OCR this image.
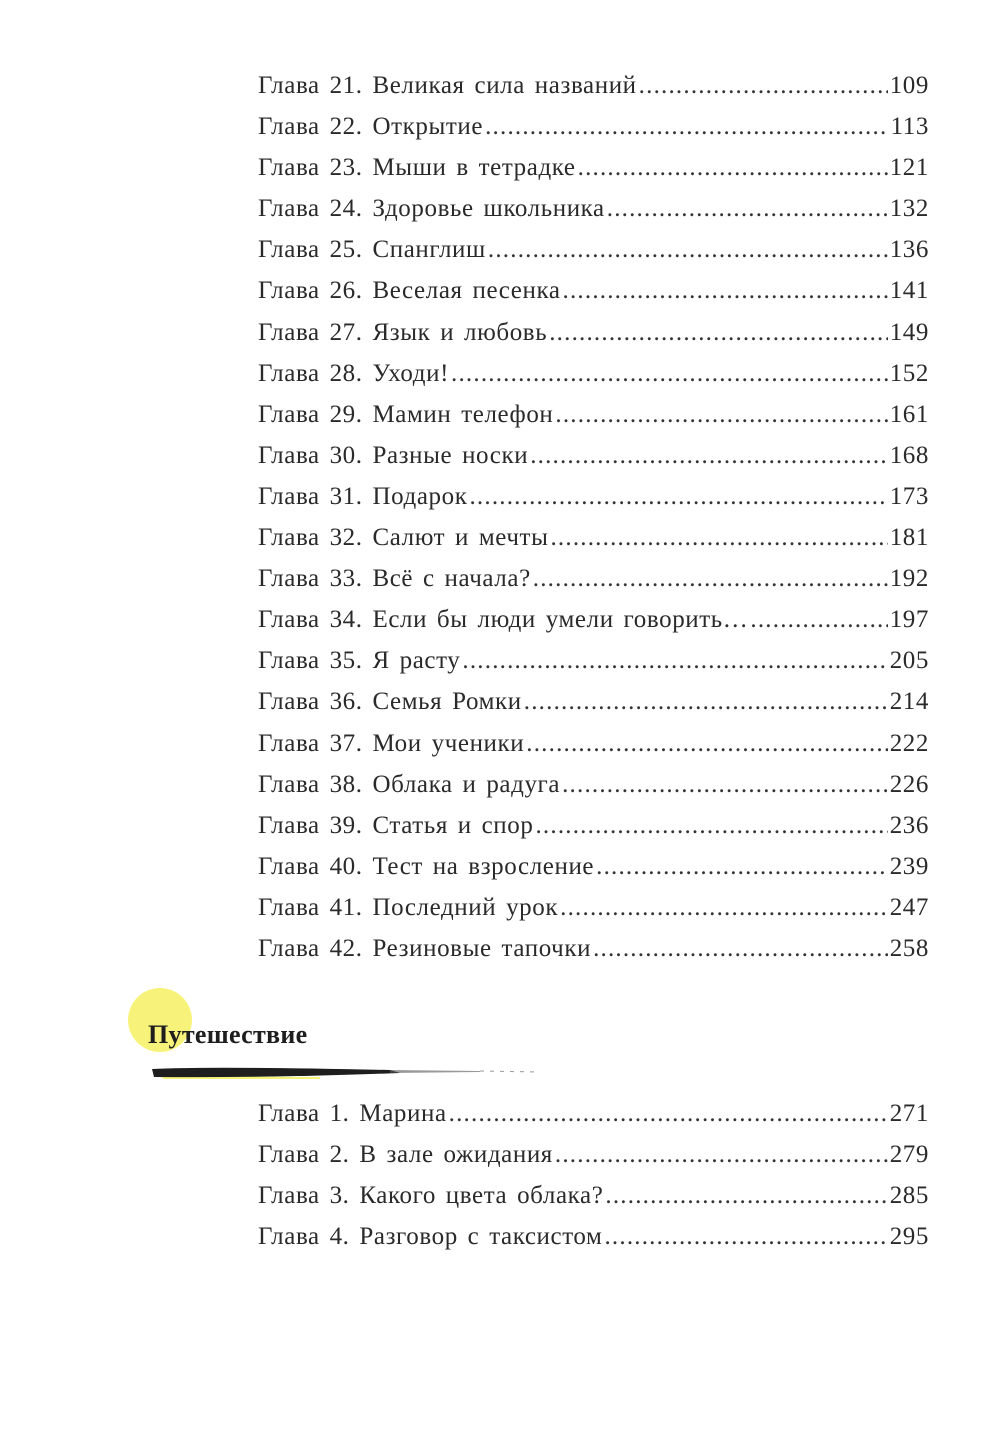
Глава 21. Великая сила названий .....	109
Глава 22. Открытие .....	113
Глава 23. Мыши в тетрадке .....	121
Глава 24. Здоровье школьника .....	132
Глава 25. Спанглиш .....	136
Глава 26. Веселая песенка .....	141
Глава 27. Язык и любовь .....	149
Глава 28. Уходи! .....	152
Глава 29. Мамин телефон .....	161
Глава 30. Разные носки .....	168
Глава 31. Подарок .....	173
Глава 32. Салют и мечты .....	181
Глава 33. Всё с начала? .....	192
Глава 34. Если бы люди умели говорить… .....	197
Глава 35. Я расту .....	205
Глава 36. Семья Ромки .....	214
Глава 37. Мои ученики .....	222
Глава 38. Облака и радуга .....	226
Глава 39. Статья и спор .....	236
Глава 40. Тест на взросление .....	239
Глава 41. Последний урок .....	247
Глава 42. Резиновые тапочки .....	258
Путешествие
Глава 1. Марина .....	271
Глава 2. В зале ожидания .....	279
Глава 3. Какого цвета облака? .....	285
Глава 4. Разговор с таксистом .....	295
